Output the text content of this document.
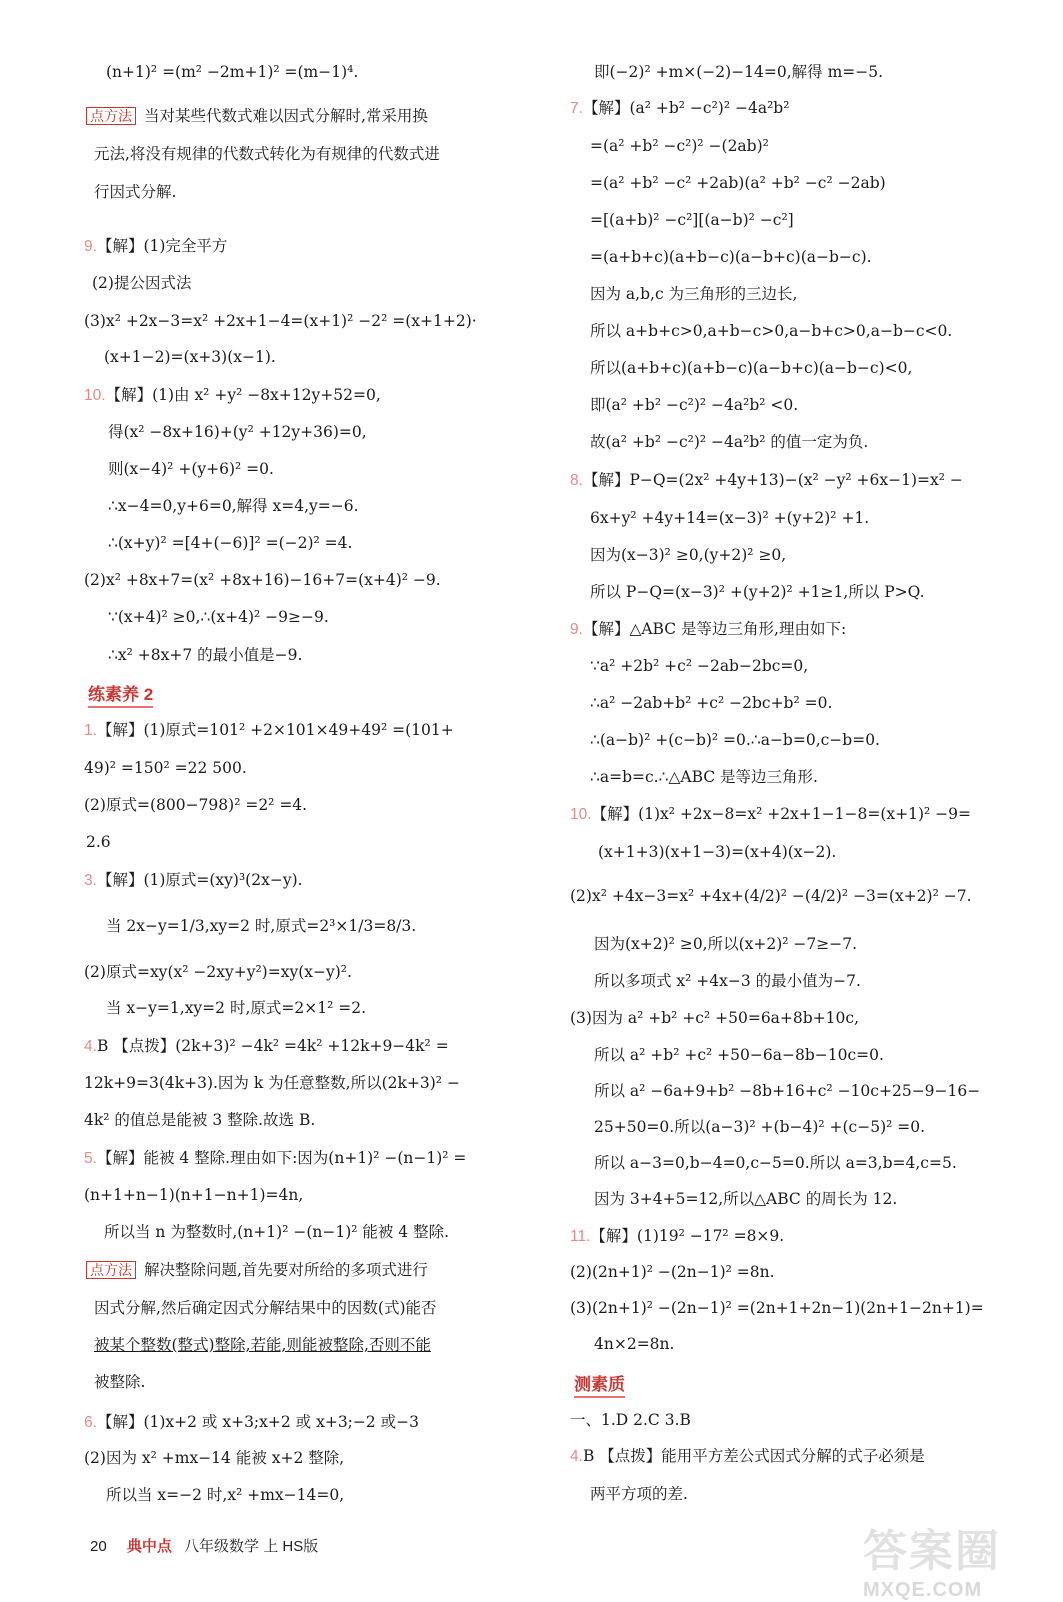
(n+1)² =(m² −2m+1)² =(m−1)⁴.
点方法 当对某些代数式难以因式分解时,常采用换
元法,将没有规律的代数式转化为有规律的代数式进
行因式分解.
9.【解】(1)完全平方
(2)提公因式法
(3)x² +2x−3=x² +2x+1−4=(x+1)² −2² =(x+1+2)·
(x+1−2)=(x+3)(x−1).
10.【解】(1)由 x² +y² −8x+12y+52=0,
得(x² −8x+16)+(y² +12y+36)=0,
则(x−4)² +(y+6)² =0.
∴x−4=0,y+6=0,解得 x=4,y=−6.
∴(x+y)² =[4+(−6)]² =(−2)² =4.
(2)x² +8x+7=(x² +8x+16)−16+7=(x+4)² −9.
∵(x+4)² ≥0,∴(x+4)² −9≥−9.
∴x² +8x+7 的最小值是−9.
练素养 2
1.【解】(1)原式=101² +2×101×49+49² =(101+
49)² =150² =22 500.
(2)原式=(800−798)² =2² =4.
2.6
3.【解】(1)原式=(xy)³(2x−y).
当 2x−y=1/3,xy=2 时,原式=2³×1/3=8/3.
(2)原式=xy(x² −2xy+y²)=xy(x−y)².
当 x−y=1,xy=2 时,原式=2×1² =2.
4.B 【点拨】(2k+3)² −4k² =4k² +12k+9−4k² =
12k+9=3(4k+3).因为 k 为任意整数,所以(2k+3)² −
4k² 的值总是能被 3 整除.故选 B.
5.【解】能被 4 整除.理由如下:因为(n+1)² −(n−1)² =
(n+1+n−1)(n+1−n+1)=4n,
所以当 n 为整数时,(n+1)² −(n−1)² 能被 4 整除.
点方法 解决整除问题,首先要对所给的多项式进行
因式分解,然后确定因式分解结果中的因数(式)能否
被某个整数(整式)整除,若能,则能被整除,否则不能
被整除.
6.【解】(1)x+2 或 x+3;x+2 或 x+3;−2 或−3
(2)因为 x² +mx−14 能被 x+2 整除,
所以当 x=−2 时,x² +mx−14=0,
即(−2)² +m×(−2)−14=0,解得 m=−5.
7.【解】(a² +b² −c²)² −4a²b²
=(a² +b² −c²)² −(2ab)²
=(a² +b² −c² +2ab)(a² +b² −c² −2ab)
=[(a+b)² −c²][(a−b)² −c²]
=(a+b+c)(a+b−c)(a−b+c)(a−b−c).
因为 a,b,c 为三角形的三边长,
所以 a+b+c>0,a+b−c>0,a−b+c>0,a−b−c<0.
所以(a+b+c)(a+b−c)(a−b+c)(a−b−c)<0,
即(a² +b² −c²)² −4a²b² <0.
故(a² +b² −c²)² −4a²b² 的值一定为负.
8.【解】P−Q=(2x² +4y+13)−(x² −y² +6x−1)=x² −
6x+y² +4y+14=(x−3)² +(y+2)² +1.
因为(x−3)² ≥0,(y+2)² ≥0,
所以 P−Q=(x−3)² +(y+2)² +1≥1,所以 P>Q.
9.【解】△ABC 是等边三角形,理由如下:
∵a² +2b² +c² −2ab−2bc=0,
∴a² −2ab+b² +c² −2bc+b² =0.
∴(a−b)² +(c−b)² =0.∴a−b=0,c−b=0.
∴a=b=c.∴△ABC 是等边三角形.
10.【解】(1)x² +2x−8=x² +2x+1−1−8=(x+1)² −9=
(x+1+3)(x+1−3)=(x+4)(x−2).
(2)x² +4x−3=x² +4x+(4/2)² −(4/2)² −3=(x+2)² −7.
因为(x+2)² ≥0,所以(x+2)² −7≥−7.
所以多项式 x² +4x−3 的最小值为−7.
(3)因为 a² +b² +c² +50=6a+8b+10c,
所以 a² +b² +c² +50−6a−8b−10c=0.
所以 a² −6a+9+b² −8b+16+c² −10c+25−9−16−
25+50=0.所以(a−3)² +(b−4)² +(c−5)² =0.
所以 a−3=0,b−4=0,c−5=0.所以 a=3,b=4,c=5.
因为 3+4+5=12,所以△ABC 的周长为 12.
11.【解】(1)19² −17² =8×9.
(2)(2n+1)² −(2n−1)² =8n.
(3)(2n+1)² −(2n−1)² =(2n+1+2n−1)(2n+1−2n+1)=
4n×2=8n.
测素质
一、1.D 2.C 3.B
4.B 【点拨】能用平方差公式因式分解的式子必须是
两平方项的差.
20 典中点 八年级数学 上 HS版	答案圈
MXQE.COM
